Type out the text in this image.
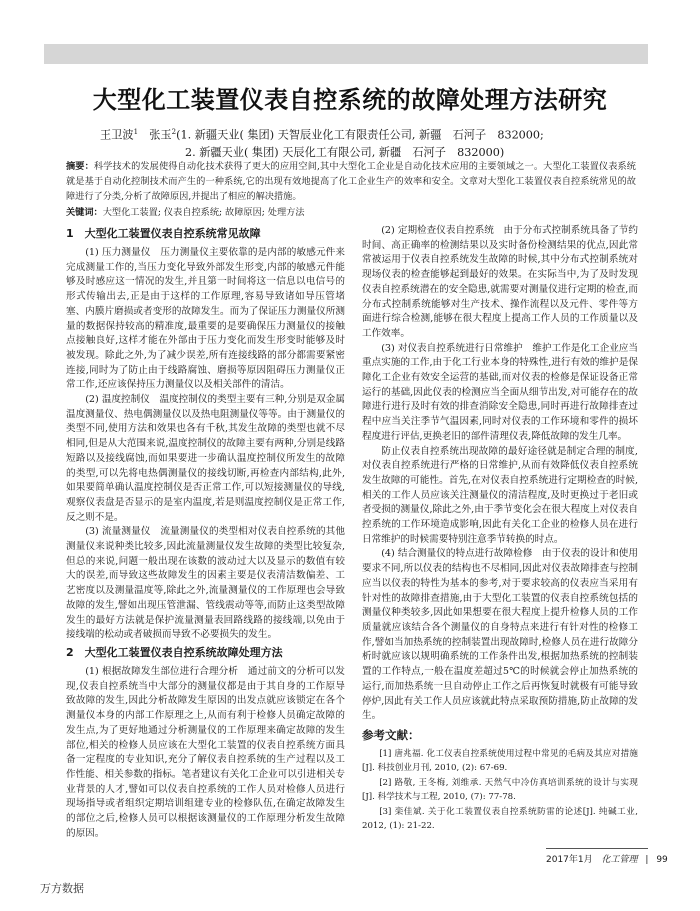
大型化工装置仪表自控系统的故障处理方法研究
王卫波$^1$　张玉$^2$(1. 新疆天业( 集团) 天智辰业化工有限责任公司, 新疆　石河子　832000;
2. 新疆天业( 集团) 天辰化工有限公司, 新疆　石河子　832000)
摘要：科学技术的发展使得自动化技术获得了更大的应用空间,其中大型化工企业是自动化技术应用的主要领域之一。大型化工装置仪表系统就是基于自动化控制技术而产生的一种系统,它的出现有效地提高了化工企业生产的效率和安全。文章对大型化工装置仪表自控系统常见的故障进行了分类,分析了故障原因,并提出了相应的解决措施。
关键词：大型化工装置; 仪表自控系统; 故障原因; 处理方法
1　大型化工装置仪表自控系统常见故障

(1) 压力测量仪　压力测量仪主要依靠的是内部的敏感元件来完成测量工作的,当压力变化导致外部发生形变,内部的敏感元件能够及时感应这一情况的发生,并且第一时间将这一信息以电信号的形式传输出去,正是由于这样的工作原理,容易导致诸如导压管堵塞、内膜片磨损或者变形的故障发生。而为了保证压力测量仪所测量的数据保持较高的精准度,最重要的是要确保压力测量仪的接触点接触良好,这样才能在外部由于压力变化而发生形变时能够及时被发现。除此之外,为了减少误差,所有连接线路的部分都需要紧密连接,同时为了防止由于线路腐蚀、磨损等原因阻碍压力测量仪正常工作,还应该保持压力测量仪以及相关部件的清洁。

(2) 温度控制仪　温度控制仪的类型主要有三种,分别是双金属温度测量仪、热电偶测量仪以及热电阻测量仪等等。由于测量仪的类型不同,使用方法和效果也各有千秋,其发生故障的类型也就不尽相同,但是从大范围来说,温度控制仪的故障主要有两种,分别是线路短路以及接线腐蚀,而如果要进一步确认温度控制仪所发生的故障的类型,可以先将电热偶测量仪的接线切断,再检查内部结构,此外,如果要简单确认温度控制仪是否正常工作,可以短接测量仪的导线,观察仪表盘是否显示的是室内温度,若是则温度控制仪是正常工作,反之则不是。

(3) 流量测量仪　流量测量仪的类型相对仪表自控系统的其他测量仪来说种类比较多,因此流量测量仪发生故障的类型比较复杂,但总的来说,问题一般出现在该数的波动过大以及显示的数值有较大的误差,而导致这些故障发生的因素主要是仪表清洁数偏差、工艺密度以及测量温度等,除此之外,流量测量仪的工作原理也会导致故障的发生,譬如出现压管泄漏、管线震动等等,而防止这类型故障发生的最好方法就是保护流量测量表回路线路的接线端,以免由于接线端的松动或者破损而导致不必要损失的发生。

2　大型化工装置仪表自控系统故障处理方法

(1) 根据故障发生部位进行合理分析　通过前文的分析可以发现,仪表自控系统当中大部分的测量仪都是由于其自身的工作原导致故障的发生,因此分析故障发生原因的出发点就应该锁定在各个测量仪本身的内部工作原理之上,从而有利于检修人员确定故障的发生点,为了更好地通过分析测量仪的工作原理来确定故障的发生部位,相关的检修人员应该在大型化工装置的仪表自控系统方面具备一定程度的专业知识,充分了解仪表自控系统的生产过程以及工作性能、相关参数的指标。笔者建议有关化工企业可以引进相关专业背景的人才,譬如可以仪表自控系统的工作人员对检修人员进行现场指导或者组织定期培训组建专业的检修队伍,在确定故障发生的部位之后,检修人员可以根据该测量仪的工作原理分析发生故障的原因。

(2) 定期检查仪表自控系统　由于分布式控制系统具备了节约时间、高正确率的检测结果以及实时备份检测结果的优点,因此常常被运用于仪表自控系统发生故障的时候,其中分布式控制系统对现场仪表的检查能够起到最好的效果。在实际当中,为了及时发现仪表自控系统潜在的安全隐患,就需要对测量仪进行定期的检查,而分布式控制系统能够对生产技术、操作流程以及元件、零件等方面进行综合检测,能够在很大程度上提高工作人员的工作质量以及工作效率。

(3) 对仪表自控系统进行日常维护　维护工作是化工企业应当重点实施的工作,由于化工行业本身的特殊性,进行有效的维护是保障化工企业有效安全运营的基础,而对仪表的检修是保证设备正常运行的基础,因此仪表的检测应当全面从细节出发,对可能存在的故障进行进行及时有效的排查消除安全隐患,同时再进行故障排查过程中应当关注季节气温因素,同时对仪表的工作环境和零件的损坏程度进行评估,更换老旧的部件清理仪表,降低故障的发生几率。

防止仪表自控系统出现故障的最好途径就是制定合理的制度,对仪表自控系统进行严格的日常维护,从而有效降低仪表自控系统发生故障的可能性。首先,在对仪表自控系统进行定期检查的时候,相关的工作人员应该关注测量仪的清洁程度,及时更换过于老旧或者受损的测量仪,除此之外,由于季节变化会在很大程度上对仪表自控系统的工作环境造成影响,因此有关化工企业的检修人员在进行日常维护的时候需要特别注意季节转换的时点。

(4) 结合测量仪的特点进行故障检修　由于仪表的设计和使用要求不同,所以仪表的结构也不尽相同,因此对仪表故障排查与控制应当以仪表的特性为基本的参考,对于要求较高的仪表应当采用有针对性的故障排查措施,由于大型化工装置的仪表自控系统包括的测量仪种类较多,因此如果想要在很大程度上提升检修人员的工作质量就应该结合各个测量仪的自身特点来进行有针对性的检修工作,譬如当加热系统的控制装置出现故障时,检修人员在进行故障分析时就应该以规明确系统的工作条件出发,根据加热系统的控制装置的工作特点,一般在温度差超过5℃的时候就会停止加热系统的运行,而加热系统一旦自动停止工作之后再恢复时就极有可能导致停炉,因此有关工作人员应该就此特点采取预防措施,防止故障的发生。

参考文献：

[1] 唐兆福. 化工仪表自控系统使用过程中常见的毛病及其应对措施[J]. 科技创业月刊, 2010, (2): 67-69.

[2] 路敬, 王冬梅, 刘维承. 天然气中冷仿真培训系统的设计与实现[J]. 科学技术与工程, 2010, (7): 77-78.

[3] 栾佳斌. 关于化工装置仪表自控系统防雷的论述[J]. 纯碱工业, 2012, (1): 21-22.

2017年1月 化工管理 | 99
万方数据
